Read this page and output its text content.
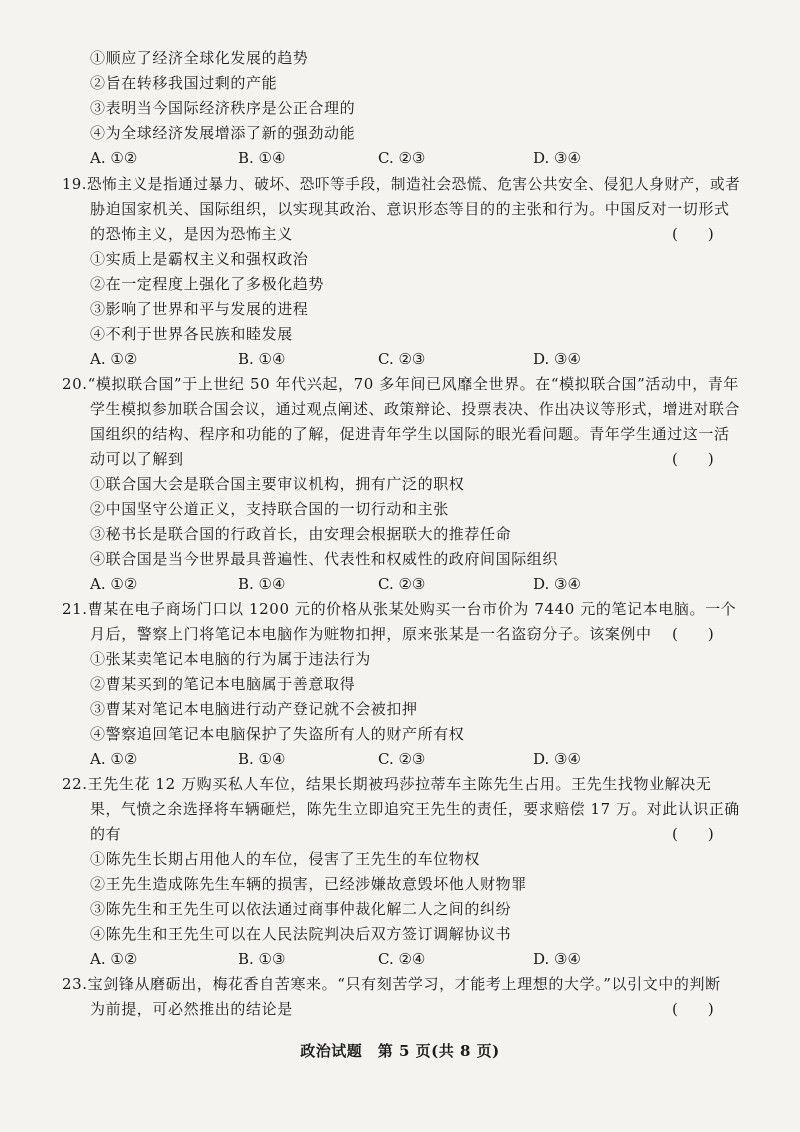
①顺应了经济全球化发展的趋势
②旨在转移我国过剩的产能
③表明当今国际经济秩序是公正合理的
④为全球经济发展增添了新的强劲动能
A. ①②	B. ①④	C. ②③	D. ③④
19.恐怖主义是指通过暴力、破坏、恐吓等手段，制造社会恐慌、危害公共安全、侵犯人身财产，或者
胁迫国家机关、国际组织，以实现其政治、意识形态等目的的主张和行为。中国反对一切形式
的恐怖主义，是因为恐怖主义	(　　)
①实质上是霸权主义和强权政治
②在一定程度上强化了多极化趋势
③影响了世界和平与发展的进程
④不利于世界各民族和睦发展
A. ①②	B. ①④	C. ②③	D. ③④
20.“模拟联合国”于上世纪 50 年代兴起，70 多年间已风靡全世界。在“模拟联合国”活动中，青年
学生模拟参加联合国会议，通过观点阐述、政策辩论、投票表决、作出决议等形式，增进对联合
国组织的结构、程序和功能的了解，促进青年学生以国际的眼光看问题。青年学生通过这一活
动可以了解到	(　　)
①联合国大会是联合国主要审议机构，拥有广泛的职权
②中国坚守公道正义，支持联合国的一切行动和主张
③秘书长是联合国的行政首长，由安理会根据联大的推荐任命
④联合国是当今世界最具普遍性、代表性和权威性的政府间国际组织
A. ①②	B. ①④	C. ②③	D. ③④
21.曹某在电子商场门口以 1200 元的价格从张某处购买一台市价为 7440 元的笔记本电脑。一个
月后，警察上门将笔记本电脑作为赃物扣押，原来张某是一名盗窃分子。该案例中 (　　)
①张某卖笔记本电脑的行为属于违法行为
②曹某买到的笔记本电脑属于善意取得
③曹某对笔记本电脑进行动产登记就不会被扣押
④警察追回笔记本电脑保护了失盗所有人的财产所有权
A. ①②	B. ①④	C. ②③	D. ③④
22.王先生花 12 万购买私人车位，结果长期被玛莎拉蒂车主陈先生占用。王先生找物业解决无
果，气愤之余选择将车辆砸烂，陈先生立即追究王先生的责任，要求赔偿 17 万。对此认识正确
的有	(　　)
①陈先生长期占用他人的车位，侵害了王先生的车位物权
②王先生造成陈先生车辆的损害，已经涉嫌故意毁坏他人财物罪
③陈先生和王先生可以依法通过商事仲裁化解二人之间的纠纷
④陈先生和王先生可以在人民法院判决后双方签订调解协议书
A. ①②	B. ①③	C. ②④	D. ③④
23.宝剑锋从磨砺出，梅花香自苦寒来。“只有刻苦学习，才能考上理想的大学。”以引文中的判断
为前提，可必然推出的结论是	(　　)
政治试题　第 5 页(共 8 页)
